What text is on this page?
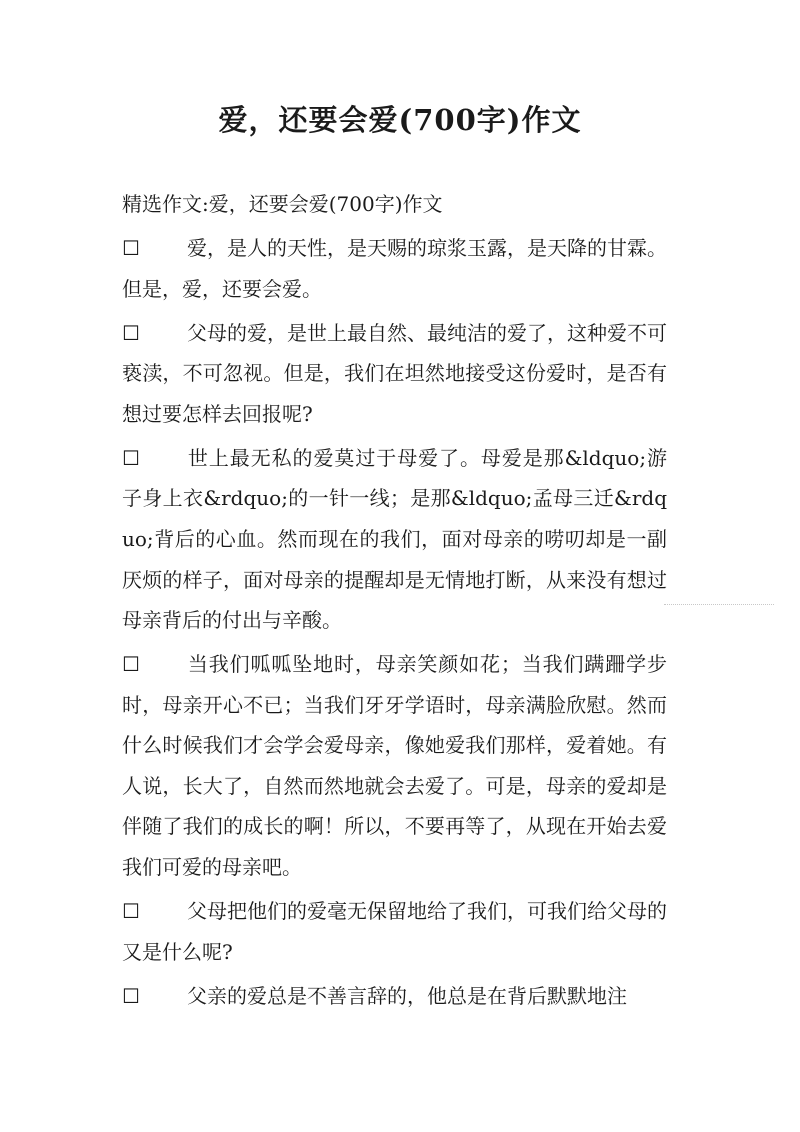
爱，还要会爱(700字)作文

精选作文:爱，还要会爱(700字)作文

☐ 爱，是人的天性，是天赐的琼浆玉露，是天降的甘霖。但是，爱，还要会爱。

☐ 父母的爱，是世上最自然、最纯洁的爱了，这种爱不可亵渎，不可忽视。但是，我们在坦然地接受这份爱时，是否有想过要怎样去回报呢?

☐ 世上最无私的爱莫过于母爱了。母爱是那&ldquo;游子身上衣&rdquo;的一针一线；是那&ldquo;孟母三迁&rdquo;背后的心血。然而现在的我们，面对母亲的唠叨却是一副厌烦的样子，面对母亲的提醒却是无情地打断，从来没有想过母亲背后的付出与辛酸。

☐ 当我们呱呱坠地时，母亲笑颜如花；当我们蹒跚学步时，母亲开心不已；当我们牙牙学语时，母亲满脸欣慰。然而什么时候我们才会学会爱母亲，像她爱我们那样，爱着她。有人说，长大了，自然而然地就会去爱了。可是，母亲的爱却是伴随了我们的成长的啊！所以，不要再等了，从现在开始去爱我们可爱的母亲吧。

☐ 父母把他们的爱毫无保留地给了我们，可我们给父母的又是什么呢?

☐ 父亲的爱总是不善言辞的，他总是在背后默默地注
